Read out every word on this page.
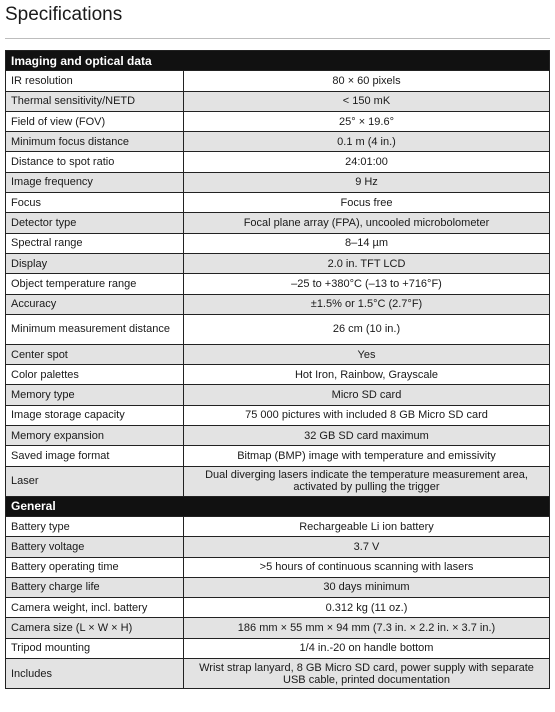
Specifications
Imaging and optical data	
IR resolution	80 × 60 pixels
Thermal sensitivity/NETD	< 150 mK
Field of view (FOV)	25° × 19.6°
Minimum focus distance	0.1 m (4 in.)
Distance to spot ratio	24:01:00
Image frequency	9 Hz
Focus	Focus free
Detector type	Focal plane array (FPA), uncooled microbolometer
Spectral range	8–14 µm
Display	2.0 in. TFT LCD
Object temperature range	–25 to +380°C (–13 to +716°F)
Accuracy	±1.5% or 1.5°C (2.7°F)
Minimum measurement distance	26 cm (10 in.)
Center spot	Yes
Color palettes	Hot Iron, Rainbow, Grayscale
Memory type	Micro SD card
Image storage capacity	75 000 pictures with included 8 GB Micro SD card
Memory expansion	32 GB SD card maximum
Saved image format	Bitmap (BMP) image with temperature and emissivity
Laser	Dual diverging lasers indicate the temperature measurement area, activated by pulling the trigger
General	
Battery type	Rechargeable Li ion battery
Battery voltage	3.7 V
Battery operating time	>5 hours of continuous scanning with lasers
Battery charge life	30 days minimum
Camera weight, incl. battery	0.312 kg (11 oz.)
Camera size (L × W × H)	186 mm × 55 mm × 94 mm (7.3 in. × 2.2 in. × 3.7 in.)
Tripod mounting	1/4 in.-20 on handle bottom
Includes	Wrist strap lanyard, 8 GB Micro SD card, power supply with separate USB cable, printed documentation
